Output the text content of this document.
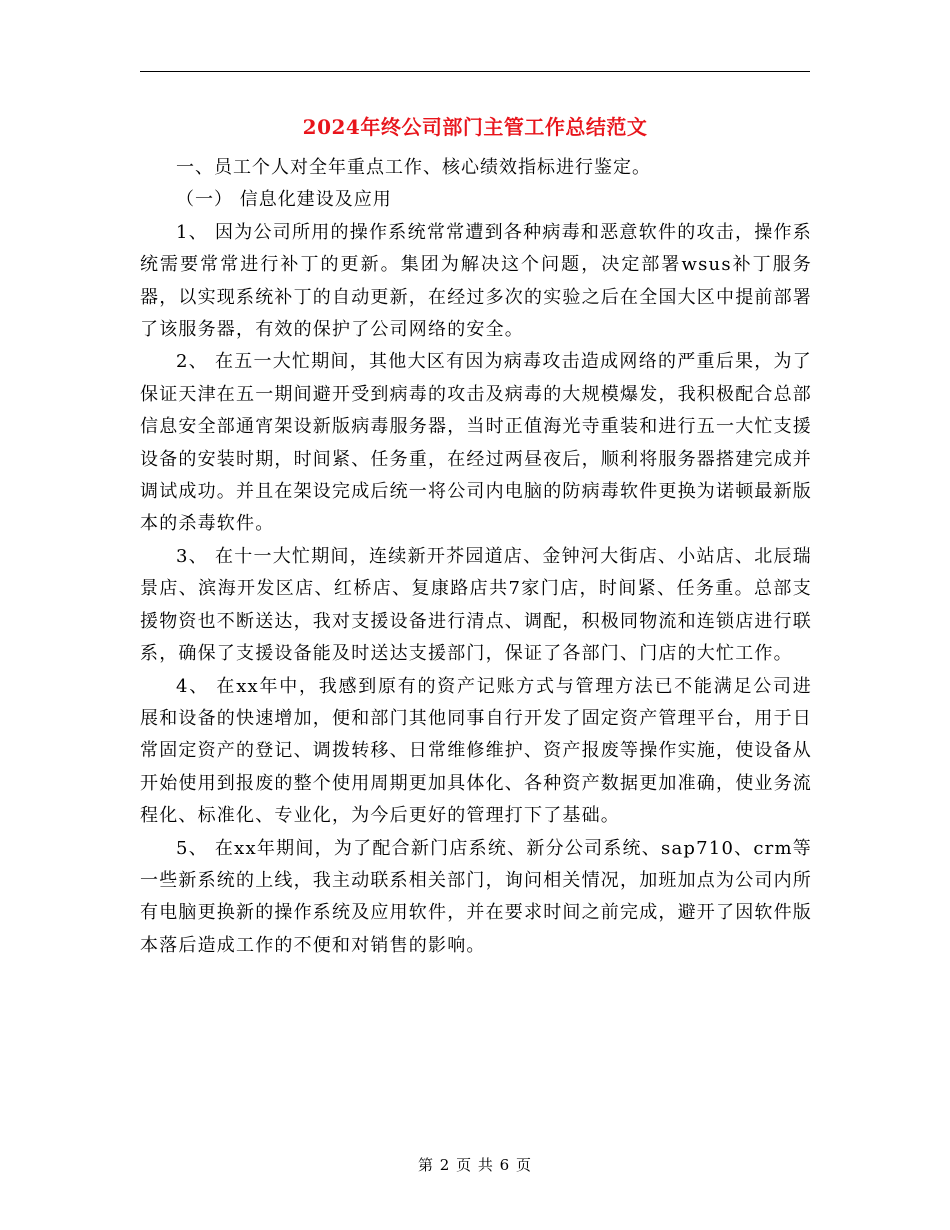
2024年终公司部门主管工作总结范文

一、员工个人对全年重点工作、核心绩效指标进行鉴定。

（一） 信息化建设及应用

1、 因为公司所用的操作系统常常遭到各种病毒和恶意软件的攻击，操作系统需要常常进行补丁的更新。集团为解决这个问题，决定部署wsus补丁服务器，以实现系统补丁的自动更新，在经过多次的实验之后在全国大区中提前部署了该服务器，有效的保护了公司网络的安全。

2、 在五一大忙期间，其他大区有因为病毒攻击造成网络的严重后果，为了保证天津在五一期间避开受到病毒的攻击及病毒的大规模爆发，我积极配合总部信息安全部通宵架设新版病毒服务器，当时正值海光寺重装和进行五一大忙支援设备的安装时期，时间紧、任务重，在经过两昼夜后，顺利将服务器搭建完成并调试成功。并且在架设完成后统一将公司内电脑的防病毒软件更换为诺顿最新版本的杀毒软件。

3、 在十一大忙期间，连续新开芥园道店、金钟河大街店、小站店、北辰瑞景店、滨海开发区店、红桥店、复康路店共7家门店，时间紧、任务重。总部支援物资也不断送达，我对支援设备进行清点、调配，积极同物流和连锁店进行联系，确保了支援设备能及时送达支援部门，保证了各部门、门店的大忙工作。

4、 在xx年中，我感到原有的资产记账方式与管理方法已不能满足公司进展和设备的快速增加，便和部门其他同事自行开发了固定资产管理平台，用于日常固定资产的登记、调拨转移、日常维修维护、资产报废等操作实施，使设备从开始使用到报废的整个使用周期更加具体化、各种资产数据更加准确，使业务流程化、标准化、专业化，为今后更好的管理打下了基础。

5、 在xx年期间，为了配合新门店系统、新分公司系统、sap710、crm等一些新系统的上线，我主动联系相关部门，询问相关情况，加班加点为公司内所有电脑更换新的操作系统及应用软件，并在要求时间之前完成，避开了因软件版本落后造成工作的不便和对销售的影响。

第 2 页 共 6 页
